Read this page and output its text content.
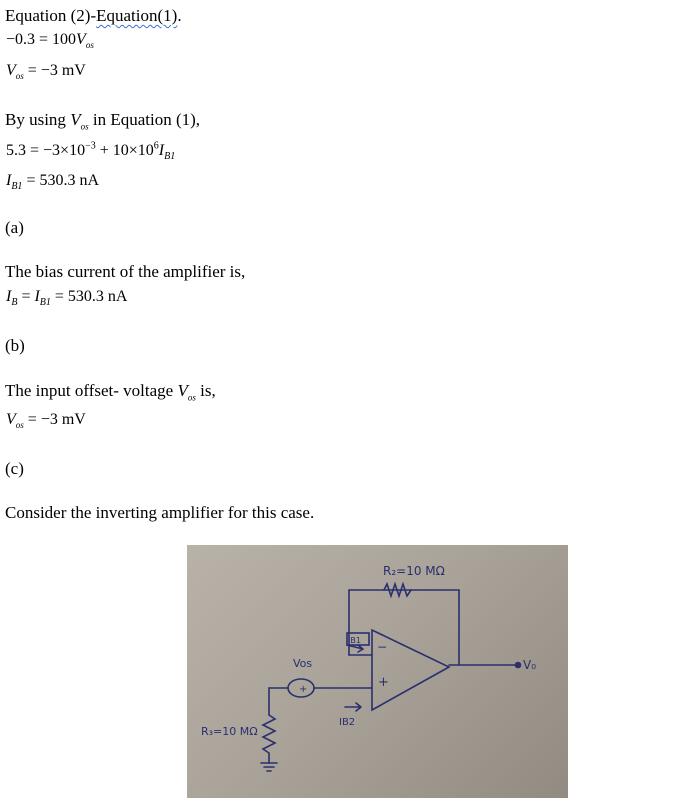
Equation (2)-Equation(1).
$-0.3 = 100V_{os}$
$V_{os} = -3$ mV
By using $V_{os}$ in Equation (1),
$5.3 = -3\times 10^{-3} + 10\times 10^6I_{B1}$
$I_{B1} = 530.3$ nA
(a)
The bias current of the amplifier is,
$I_B = I_{B1} = 530.3$ nA
(b)
The input offset- voltage $V_{os}$ is,
$V_{os} = -3$ mV
(c)
Consider the inverting amplifier for this case.
R₂=10 MΩ
R₃=10 MΩ
IB1
IB2
Vos
−
+
+
V₀
